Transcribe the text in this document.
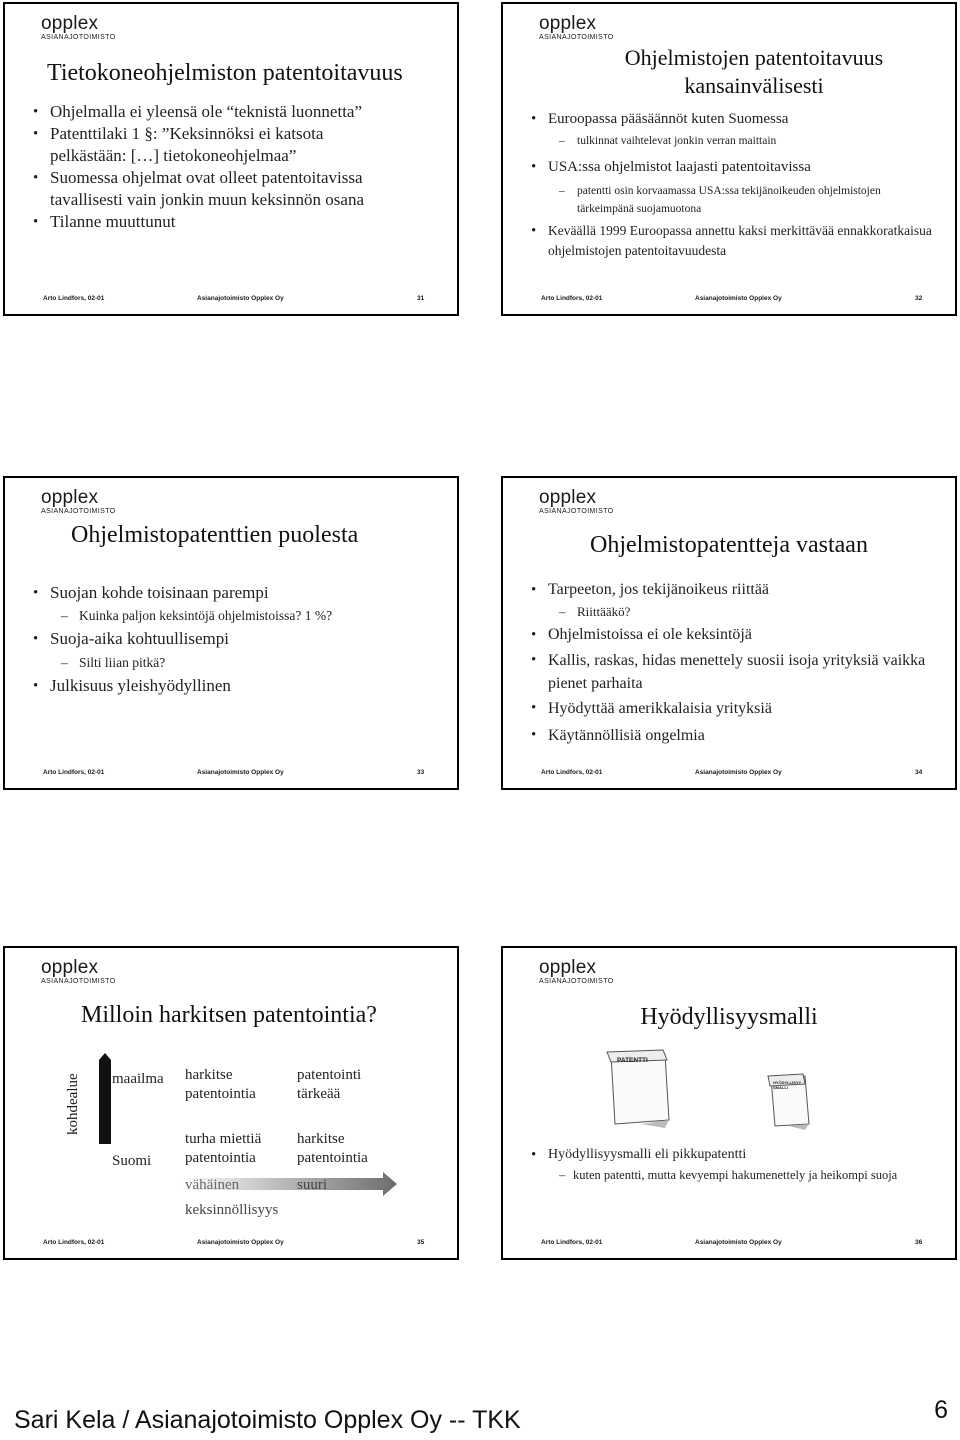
opplex
ASIANAJOTOIMISTO
Tietokoneohjelmiston patentoitavuus
• Ohjelmalla ei yleensä ole “teknistä luonnetta”
• Patenttilaki 1 §: ”Keksinnöksi ei katsota pelkästään: […] tietokoneohjelmaa”
• Suomessa ohjelmat ovat olleet patentoitavissa tavallisesti vain jonkin muun keksinnön osana
• Tilanne muuttunut
Arto Lindfors, 02-01	Asianajotoimisto Opplex Oy	31
opplex
ASIANAJOTOIMISTO
Ohjelmistojen patentoitavuus kansainvälisesti
• Euroopassa pääsäännöt kuten Suomessa
– tulkinnat vaihtelevat jonkin verran maittain
• USA:ssa ohjelmistot laajasti patentoitavissa
– patentti osin korvaamassa USA:ssa tekijänoikeuden ohjelmistojen tärkeimpänä suojamuotona
• Keväällä 1999 Euroopassa annettu kaksi merkittävää ennakkoratkaisua ohjelmistojen patentoitavuudesta
Arto Lindfors, 02-01	Asianajotoimisto Opplex Oy	32
opplex
ASIANAJOTOIMISTO
Ohjelmistopatenttien puolesta
• Suojan kohde toisinaan parempi
– Kuinka paljon keksintöjä ohjelmistoissa? 1 %?
• Suoja-aika kohtuullisempi
– Silti liian pitkä?
• Julkisuus yleishyödyllinen
Arto Lindfors, 02-01	Asianajotoimisto Opplex Oy	33
opplex
ASIANAJOTOIMISTO
Ohjelmistopatentteja vastaan
• Tarpeeton, jos tekijänoikeus riittää
– Riittääkö?
• Ohjelmistoissa ei ole keksintöjä
• Kallis, raskas, hidas menettely suosii isoja yrityksiä vaikka pienet parhaita
• Hyödyttää amerikkalaisia yrityksiä
• Käytännöllisiä ongelmia
Arto Lindfors, 02-01	Asianajotoimisto Opplex Oy	34
opplex
ASIANAJOTOIMISTO
Milloin harkitsen patentointia?
kohdealue maailma
Suomi
harkitse patentointia
patentointi tärkeää
turha miettiä patentointia
harkitse patentointia
vähäinen	suuri
keksinnöllisyys
Arto Lindfors, 02-01	Asianajotoimisto Opplex Oy	35
opplex
ASIANAJOTOIMISTO
Hyödyllisyysmalli
PATENTTI
HYÖDYLLISYYSMALLI
• Hyödyllisyysmalli eli pikkupatentti
– kuten patentti, mutta kevyempi hakumenettely ja heikompi suoja
Arto Lindfors, 02-01	Asianajotoimisto Opplex Oy	36
Sari Kela / Asianajotoimisto Opplex Oy -- TKK	6
